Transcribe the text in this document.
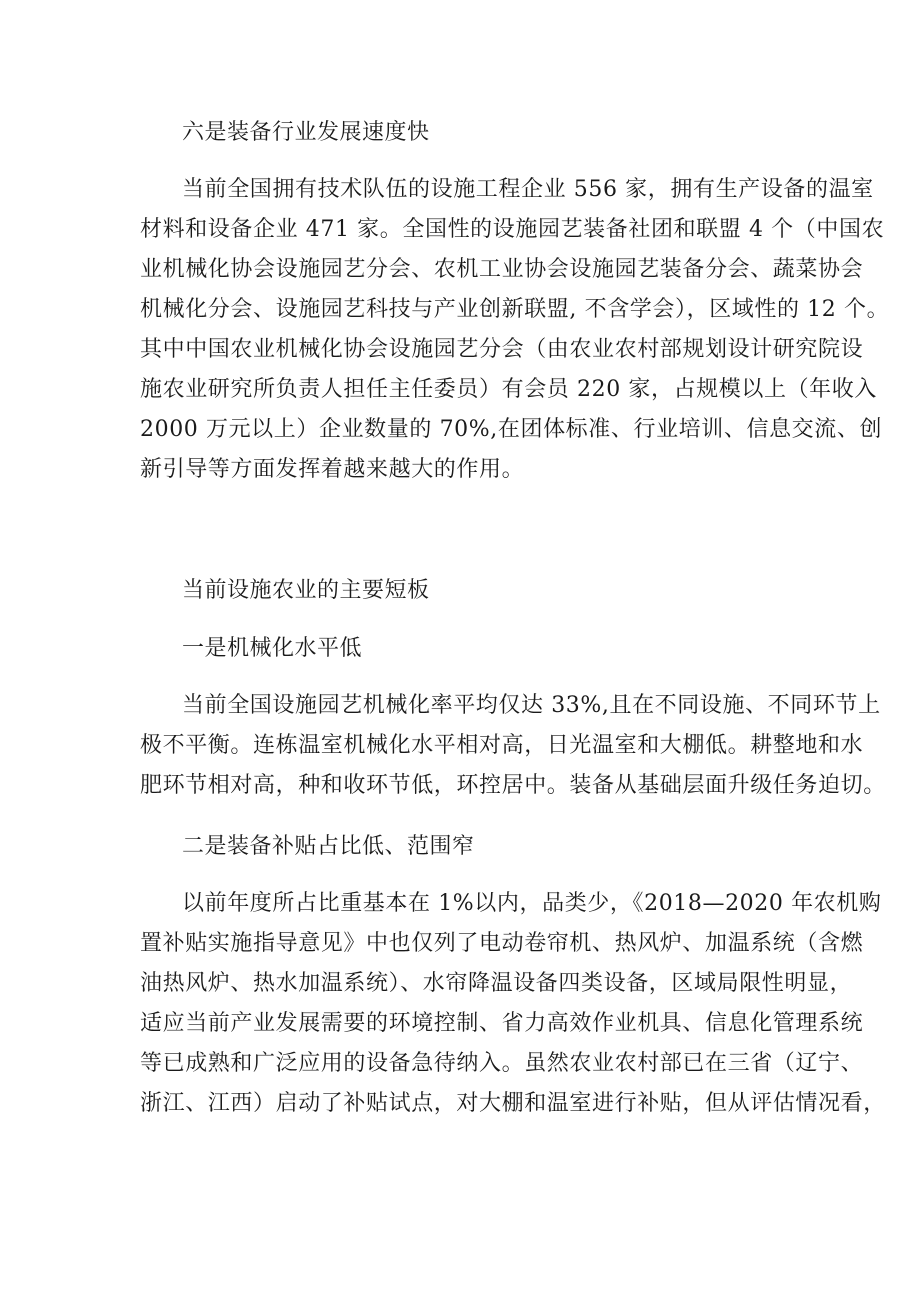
六是装备行业发展速度快
当前全国拥有技术队伍的设施工程企业 556 家，拥有生产设备的温室
材料和设备企业 471 家。全国性的设施园艺装备社团和联盟 4 个（中国农
业机械化协会设施园艺分会、农机工业协会设施园艺装备分会、蔬菜协会
机械化分会、设施园艺科技与产业创新联盟, 不含学会），区域性的 12 个。
其中中国农业机械化协会设施园艺分会（由农业农村部规划设计研究院设
施农业研究所负责人担任主任委员）有会员 220 家，占规模以上（年收入
2000 万元以上）企业数量的 70%,在团体标准、行业培训、信息交流、创
新引导等方面发挥着越来越大的作用。
当前设施农业的主要短板
一是机械化水平低
当前全国设施园艺机械化率平均仅达 33%,且在不同设施、不同环节上
极不平衡。连栋温室机械化水平相对高，日光温室和大棚低。耕整地和水
肥环节相对高，种和收环节低，环控居中。装备从基础层面升级任务迫切。
二是装备补贴占比低、范围窄
以前年度所占比重基本在 1%以内，品类少，《2018—2020 年农机购
置补贴实施指导意见》中也仅列了电动卷帘机、热风炉、加温系统（含燃
油热风炉、热水加温系统）、水帘降温设备四类设备，区域局限性明显，
适应当前产业发展需要的环境控制、省力高效作业机具、信息化管理系统
等已成熟和广泛应用的设备急待纳入。虽然农业农村部已在三省（辽宁、
浙江、江西）启动了补贴试点，对大棚和温室进行补贴，但从评估情况看，
